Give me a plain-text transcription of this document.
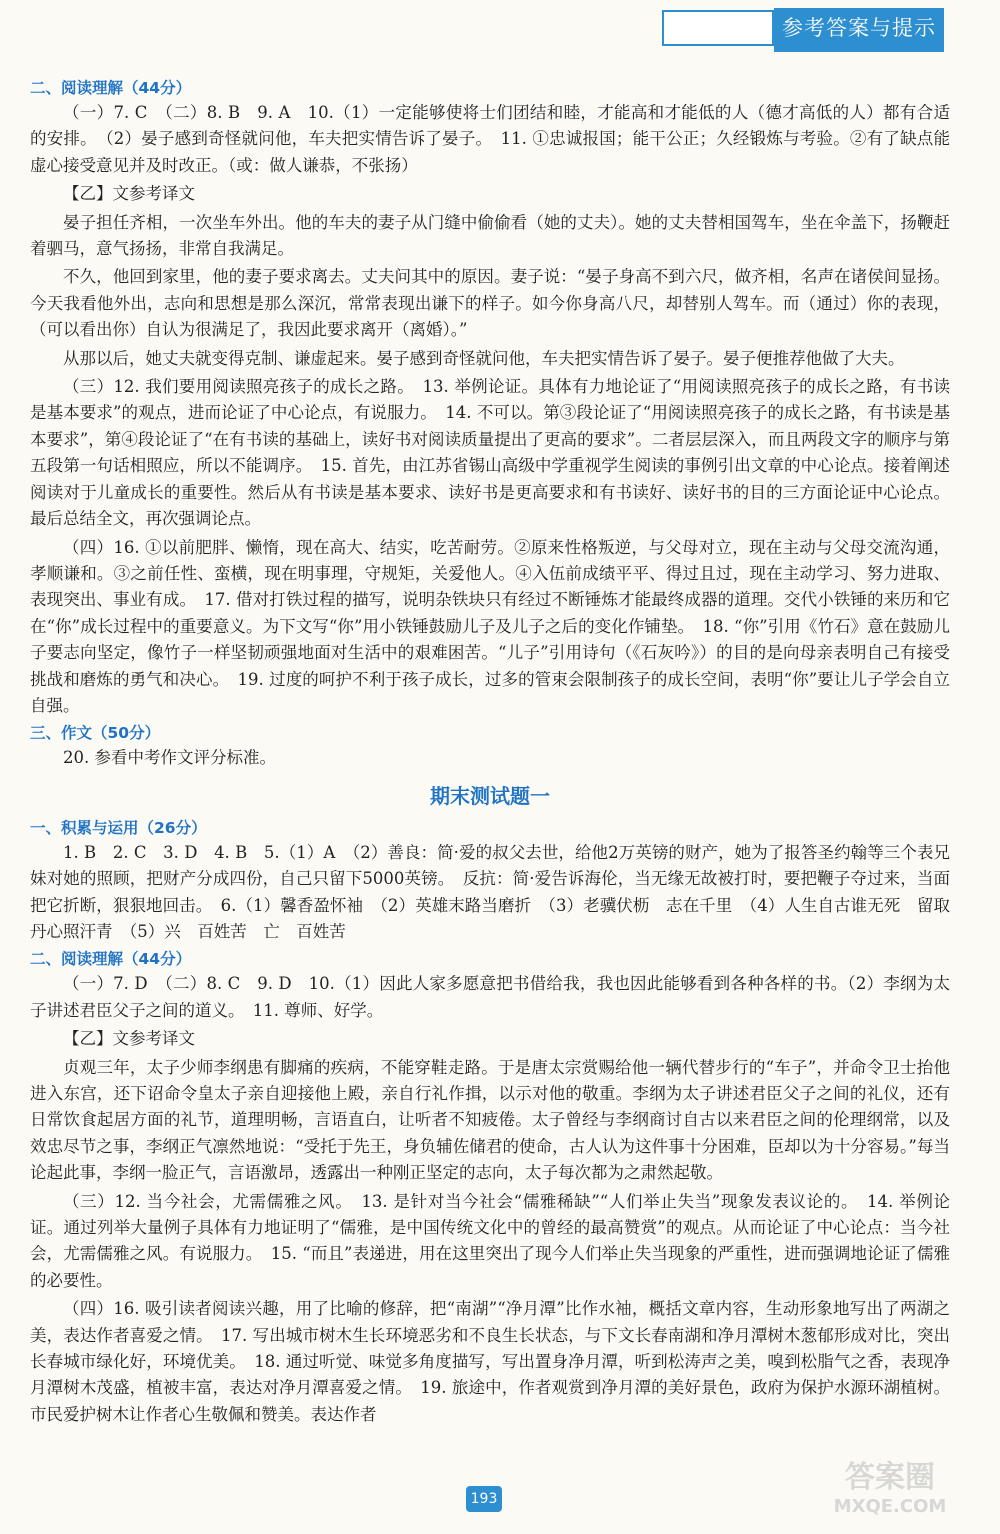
参考答案与提示
二、阅读理解（44分）

（一）7. C　（二）8. B　9. A　10.（1）一定能够使将士们团结和睦，才能高和才能低的人（德才高低的人）都有合适的安排。　（2）晏子感到奇怪就问他，车夫把实情告诉了晏子。　11. ①忠诚报国；能干公正；久经锻炼与考验。②有了缺点能虚心接受意见并及时改正。（或：做人谦恭，不张扬）

【乙】文参考译文

晏子担任齐相，一次坐车外出。他的车夫的妻子从门缝中偷偷看（她的丈夫）。她的丈夫替相国驾车，坐在伞盖下，扬鞭赶着驷马，意气扬扬，非常自我满足。

不久，他回到家里，他的妻子要求离去。丈夫问其中的原因。妻子说：“晏子身高不到六尺，做齐相，名声在诸侯间显扬。今天我看他外出，志向和思想是那么深沉，常常表现出谦下的样子。如今你身高八尺，却替别人驾车。而（通过）你的表现，（可以看出你）自认为很满足了，我因此要求离开（离婚）。”

从那以后，她丈夫就变得克制、谦虚起来。晏子感到奇怪就问他，车夫把实情告诉了晏子。晏子便推荐他做了大夫。

（三）12. 我们要用阅读照亮孩子的成长之路。　13. 举例论证。具体有力地论证了“用阅读照亮孩子的成长之路，有书读是基本要求”的观点，进而论证了中心论点，有说服力。　14. 不可以。第③段论证了“用阅读照亮孩子的成长之路，有书读是基本要求”，第④段论证了“在有书读的基础上，读好书对阅读质量提出了更高的要求”。二者层层深入，而且两段文字的顺序与第五段第一句话相照应，所以不能调序。　15. 首先，由江苏省锡山高级中学重视学生阅读的事例引出文章的中心论点。接着阐述阅读对于儿童成长的重要性。然后从有书读是基本要求、读好书是更高要求和有书读好、读好书的目的三方面论证中心论点。最后总结全文，再次强调论点。

（四）16. ①以前肥胖、懒惰，现在高大、结实，吃苦耐劳。②原来性格叛逆，与父母对立，现在主动与父母交流沟通，孝顺谦和。③之前任性、蛮横，现在明事理，守规矩，关爱他人。④入伍前成绩平平、得过且过，现在主动学习、努力进取、表现突出、事业有成。　17. 借对打铁过程的描写，说明杂铁块只有经过不断锤炼才能最终成器的道理。交代小铁锤的来历和它在“你”成长过程中的重要意义。为下文写“你”用小铁锤鼓励儿子及儿子之后的变化作铺垫。　18. “你”引用《竹石》意在鼓励儿子要志向坚定，像竹子一样坚韧顽强地面对生活中的艰难困苦。“儿子”引用诗句（《石灰吟》）的目的是向母亲表明自己有接受挑战和磨炼的勇气和决心。　19. 过度的呵护不利于孩子成长，过多的管束会限制孩子的成长空间，表明“你”要让儿子学会自立自强。

三、作文（50分）

20. 参看中考作文评分标准。

期末测试题一
一、积累与运用（26分）

1. B　2. C　3. D　4. B　5.（1）A　（2）善良：简·爱的叔父去世，给他2万英镑的财产，她为了报答圣约翰等三个表兄妹对她的照顾，把财产分成四份，自己只留下5000英镑。　反抗：简·爱告诉海伦，当无缘无故被打时，要把鞭子夺过来，当面把它折断，狠狠地回击。　6.（1）馨香盈怀袖　（2）英雄末路当磨折　（3）老骥伏枥　志在千里　（4）人生自古谁无死　留取丹心照汗青　（5）兴　百姓苦　亡　百姓苦

二、阅读理解（44分）

（一）7. D　（二）8. C　9. D　10.（1）因此人家多愿意把书借给我，我也因此能够看到各种各样的书。（2）李纲为太子讲述君臣父子之间的道义。　11. 尊师、好学。

【乙】文参考译文

贞观三年，太子少师李纲患有脚痛的疾病，不能穿鞋走路。于是唐太宗赏赐给他一辆代替步行的“车子”，并命令卫士抬他进入东宫，还下诏命令皇太子亲自迎接他上殿，亲自行礼作揖，以示对他的敬重。李纲为太子讲述君臣父子之间的礼仪，还有日常饮食起居方面的礼节，道理明畅，言语直白，让听者不知疲倦。太子曾经与李纲商讨自古以来君臣之间的伦理纲常，以及效忠尽节之事，李纲正气凛然地说：“受托于先王，身负辅佐储君的使命，古人认为这件事十分困难，臣却以为十分容易。”每当论起此事，李纲一脸正气，言语激昂，透露出一种刚正坚定的志向，太子每次都为之肃然起敬。

（三）12. 当今社会，尤需儒雅之风。　13. 是针对当今社会“儒雅稀缺”“人们举止失当”现象发表议论的。　14. 举例论证。通过列举大量例子具体有力地证明了“儒雅，是中国传统文化中的曾经的最高赞赏”的观点。从而论证了中心论点：当今社会，尤需儒雅之风。有说服力。　15. “而且”表递进，用在这里突出了现今人们举止失当现象的严重性，进而强调地论证了儒雅的必要性。

（四）16. 吸引读者阅读兴趣，用了比喻的修辞，把“南湖”“净月潭”比作水袖，概括文章内容，生动形象地写出了两湖之美，表达作者喜爱之情。　17. 写出城市树木生长环境恶劣和不良生长状态，与下文长春南湖和净月潭树木葱郁形成对比，突出长春城市绿化好，环境优美。　18. 通过听觉、味觉多角度描写，写出置身净月潭，听到松涛声之美，嗅到松脂气之香，表现净月潭树木茂盛，植被丰富，表达对净月潭喜爱之情。　19. 旅途中，作者观赏到净月潭的美好景色，政府为保护水源环湖植树。市民爱护树木让作者心生敬佩和赞美。表达作者

193
答案圈
MXQE.COM
